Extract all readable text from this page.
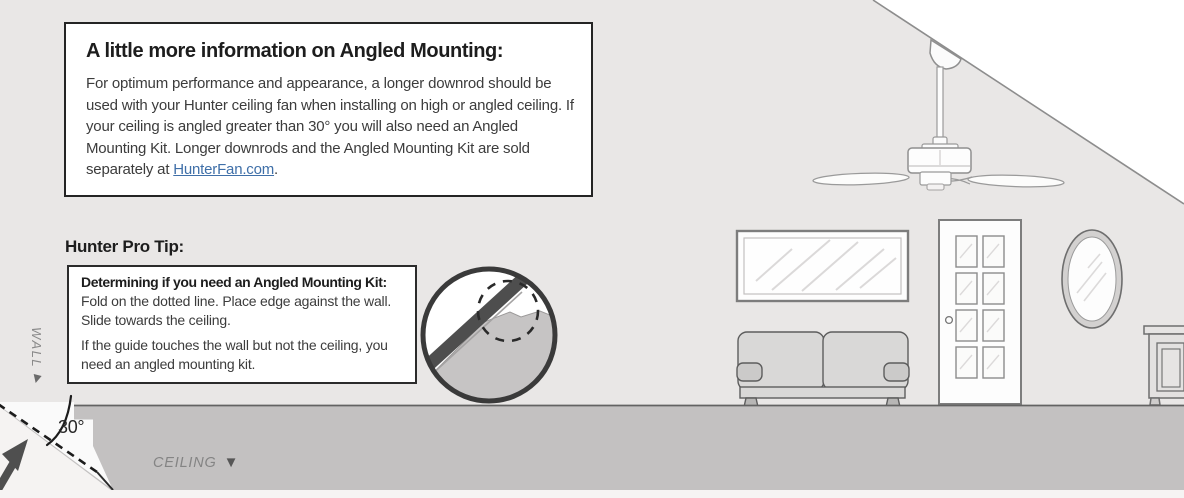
A little more information on Angled Mounting:

For optimum performance and appearance, a longer downrod should be used with your Hunter ceiling fan when installing on high or angled ceiling. If your ceiling is angled greater than 30° you will also need an Angled Mounting Kit. Longer downrods and the Angled Mounting Kit are sold separately at HunterFan.com.

Hunter Pro Tip:
Determining if you need an Angled Mounting Kit:

Fold on the dotted line. Place edge against the wall. Slide towards the ceiling.

If the guide touches the wall but not the ceiling, you need an angled mounting kit.

WALL
▼
30°
CEILING ▼
